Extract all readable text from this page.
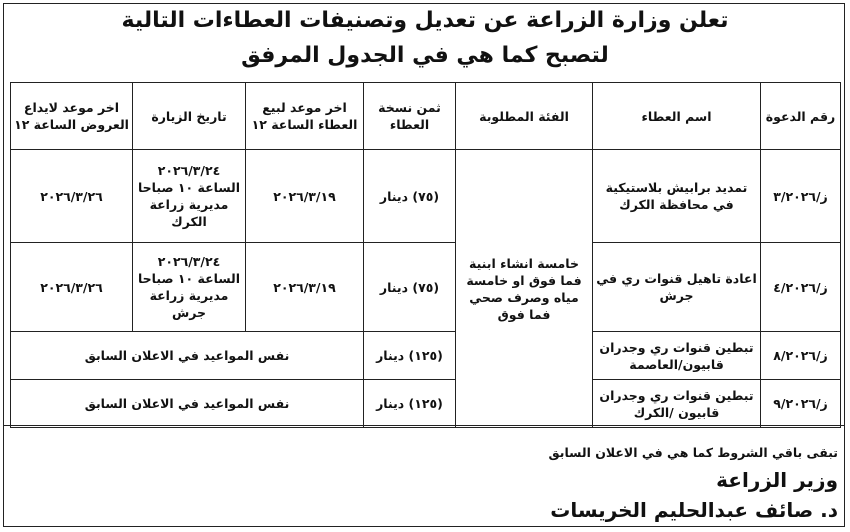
تعلن وزارة الزراعة عن تعديل وتصنيفات العطاءات التالية
لتصبح كما هي في الجدول المرفق
رقم الدعوة	اسم العطاء	الفئة المطلوبة	ثمن نسخة العطاء	اخر موعد لبيع العطاء الساعة ١٢	تاريخ الزيارة	اخر موعد لايداع العروض الساعة ١٢
ز/٣/٢٠٢٦	تمديد برابيش بلاستيكية في محافظة الكرك	خامسة انشاء ابنية فما فوق او خامسة مياه وصرف صحي فما فوق	(٧٥) دينار	٢٠٢٦/٣/١٩	٢٠٢٦/٣/٢٤ الساعة ١٠ صباحا مديرية زراعة الكرك	٢٠٢٦/٣/٢٦
ز/٤/٢٠٢٦	اعادة تاهيل قنوات ري في جرش		(٧٥) دينار	٢٠٢٦/٣/١٩	٢٠٢٦/٣/٢٤ الساعة ١٠ صباحا مديرية زراعة جرش	٢٠٢٦/٣/٢٦
ز/٨/٢٠٢٦	تبطين قنوات ري وجدران قابيون/العاصمة		(١٢٥) دينار	نفس المواعيد في الاعلان السابق		
ز/٩/٢٠٢٦	تبطين قنوات ري وجدران قابيون /الكرك		(١٢٥) دينار	نفس المواعيد في الاعلان السابق		
تبقى باقي الشروط كما هي في الاعلان السابق
وزير الزراعة
د. صائف عبدالحليم الخريسات
